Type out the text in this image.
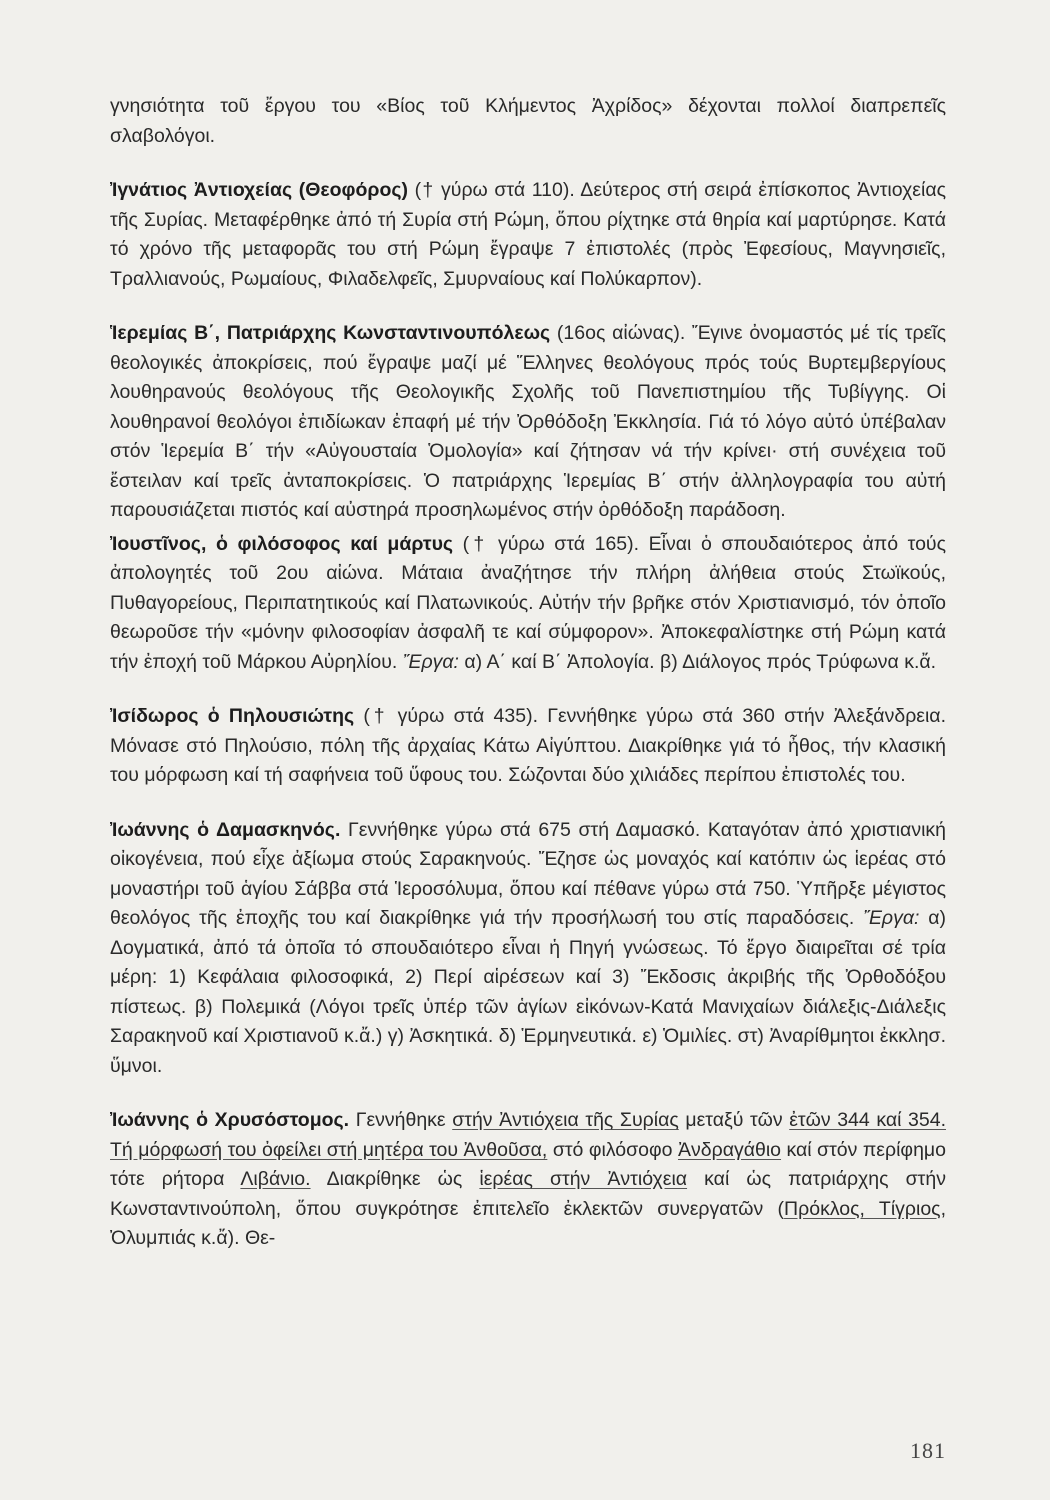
γνησιότητα τοῦ ἔργου του «Βίος τοῦ Κλήμεντος Ἀχρίδος» δέχονται πολλοί διαπρεπεῖς σλαβολόγοι.

Ἰγνάτιος Ἀντιοχείας (Θεοφόρος) († γύρω στά 110). Δεύτερος στή σειρά ἐπίσκοπος Ἀντιοχείας τῆς Συρίας. Μεταφέρθηκε ἀπό τή Συρία στή Ρώμη, ὅπου ρίχτηκε στά θηρία καί μαρτύρησε. Κατά τό χρόνο τῆς μεταφορᾶς του στή Ρώμη ἔγραψε 7 ἐπιστολές (πρὸς Ἐφεσίους, Μαγνησιεῖς, Τραλλιανούς, Ρωμαίους, Φιλαδελφεῖς, Σμυρναίους καί Πολύκαρπον).

Ἱερεμίας Β΄, Πατριάρχης Κωνσταντινουπόλεως (16ος αἰώνας). Ἔγινε ὀνομαστός μέ τίς τρεῖς θεολογικές ἀποκρίσεις, πού ἔγραψε μαζί μέ Ἕλληνες θεολόγους πρός τούς Βυρτεμβεργίους λουθηρανούς θεολόγους τῆς Θεολογικῆς Σχολῆς τοῦ Πανεπιστημίου τῆς Τυβίγγης. Οἱ λουθηρανοί θεολόγοι ἐπιδίωκαν ἐπαφή μέ τήν Ὀρθόδοξη Ἐκκλησία. Γιά τό λόγο αὐτό ὑπέβαλαν στόν Ἱερεμία Β΄ τήν «Αὐγουσταία Ὁμολογία» καί ζήτησαν νά τήν κρίνει· στή συνέχεια τοῦ ἔστειλαν καί τρεῖς ἀνταποκρίσεις. Ὁ πατριάρχης Ἱερεμίας Β΄ στήν ἀλληλογραφία του αὐτή παρουσιάζεται πιστός καί αὐστηρά προσηλωμένος στήν ὀρθόδοξη παράδοση.

Ἰουστῖνος, ὁ φιλόσοφος καί μάρτυς († γύρω στά 165). Εἶναι ὁ σπουδαιότερος ἀπό τούς ἀπολογητές τοῦ 2ου αἰώνα. Μάταια ἀναζήτησε τήν πλήρη ἀλήθεια στούς Στωϊκούς, Πυθαγορείους, Περιπατητικούς καί Πλατωνικούς. Αὐτήν τήν βρῆκε στόν Χριστιανισμό, τόν ὁποῖο θεωροῦσε τήν «μόνην φιλοσοφίαν ἀσφαλῆ τε καί σύμφορον». Ἀποκεφαλίστηκε στή Ρώμη κατά τήν ἐποχή τοῦ Μάρκου Αὐρηλίου. Ἔργα: α) Α΄ καί Β΄ Ἀπολογία. β) Διάλογος πρός Τρύφωνα κ.ἄ.

Ἰσίδωρος ὁ Πηλουσιώτης († γύρω στά 435). Γεννήθηκε γύρω στά 360 στήν Ἀλεξάνδρεια. Μόνασε στό Πηλούσιο, πόλη τῆς ἀρχαίας Κάτω Αἰγύπτου. Διακρίθηκε γιά τό ἦθος, τήν κλασική του μόρφωση καί τή σαφήνεια τοῦ ὕφους του. Σώζονται δύο χιλιάδες περίπου ἐπιστολές του.

Ἰωάννης ὁ Δαμασκηνός. Γεννήθηκε γύρω στά 675 στή Δαμασκό. Καταγόταν ἀπό χριστιανική οἰκογένεια, πού εἶχε ἀξίωμα στούς Σαρακηνούς. Ἔζησε ὡς μοναχός καί κατόπιν ὡς ἱερέας στό μοναστήρι τοῦ ἁγίου Σάββα στά Ἱεροσόλυμα, ὅπου καί πέθανε γύρω στά 750. Ὑπῆρξε μέγιστος θεολόγος τῆς ἐποχῆς του καί διακρίθηκε γιά τήν προσήλωσή του στίς παραδόσεις. Ἔργα: α) Δογματικά, ἀπό τά ὁποῖα τό σπουδαιότερο εἶναι ἡ Πηγή γνώσεως. Τό ἔργο διαιρεῖται σέ τρία μέρη: 1) Κεφάλαια φιλοσοφικά, 2) Περί αἱρέσεων καί 3) Ἔκδοσις ἀκριβής τῆς Ὀρθοδόξου πίστεως. β) Πολεμικά (Λόγοι τρεῖς ὑπέρ τῶν ἁγίων εἰκόνων-Κατά Μανιχαίων διάλεξις-Διάλεξις Σαρακηνοῦ καί Χριστιανοῦ κ.ἄ.) γ) Ἀσκητικά. δ) Ἑρμηνευτικά. ε) Ὁμιλίες. στ) Ἀναρίθμητοι ἐκκλησ. ὕμνοι.

Ἰωάννης ὁ Χρυσόστομος. Γεννήθηκε στήν Ἀντιόχεια τῆς Συρίας μεταξύ τῶν ἐτῶν 344 καί 354. Τή μόρφωσή του ὀφείλει στή μητέρα του Ἀνθοῦσα, στό φιλόσοφο Ἀνδραγάθιο καί στόν περίφημο τότε ρήτορα Λιβάνιο. Διακρίθηκε ὡς ἱερέας στήν Ἀντιόχεια καί ὡς πατριάρχης στήν Κωνσταντινούπολη, ὅπου συγκρότησε ἐπιτελεῖο ἐκλεκτῶν συνεργατῶν (Πρόκλος, Τίγριος, Ὀλυμπιάς κ.ἄ). Θε-

181
